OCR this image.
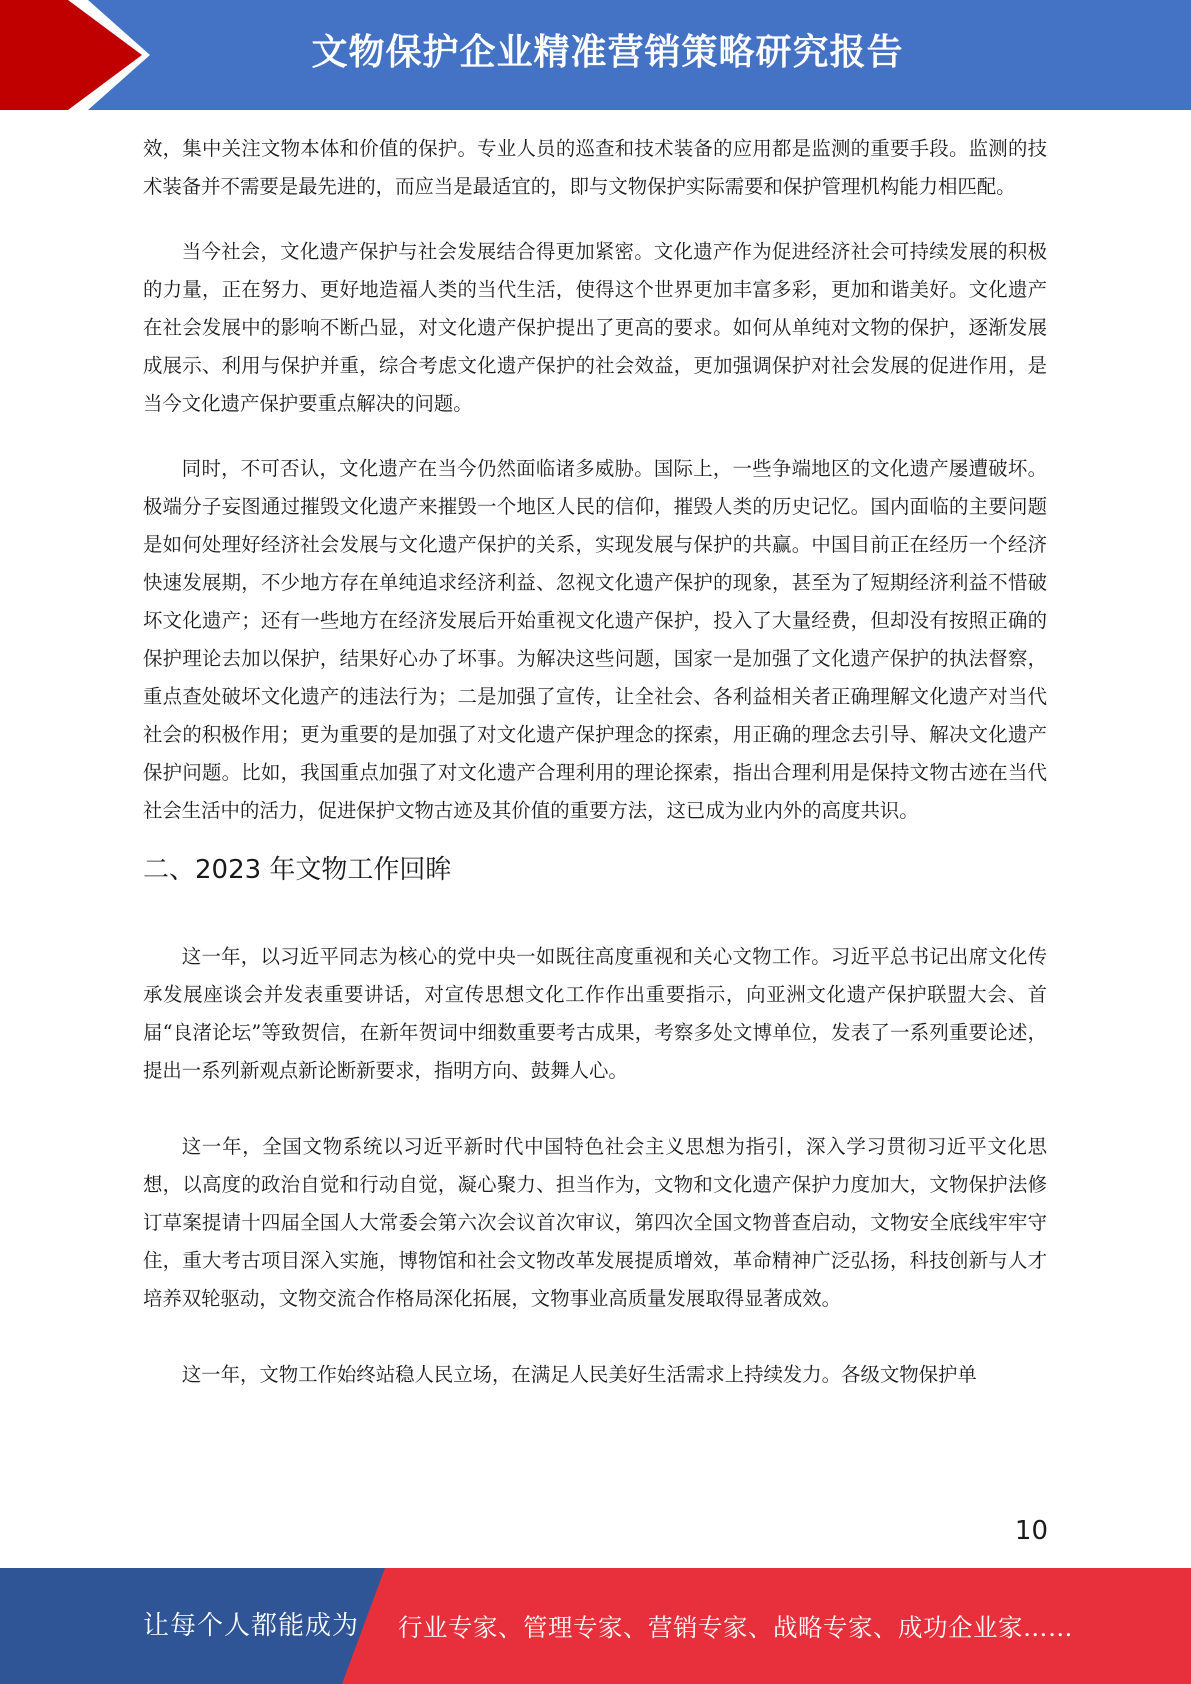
文物保护企业精准营销策略研究报告

效，集中关注文物本体和价值的保护。专业人员的巡查和技术装备的应用都是监测的重要手段。监测的技术装备并不需要是最先进的，而应当是最适宜的，即与文物保护实际需要和保护管理机构能力相匹配。

当今社会，文化遗产保护与社会发展结合得更加紧密。文化遗产作为促进经济社会可持续发展的积极的力量，正在努力、更好地造福人类的当代生活，使得这个世界更加丰富多彩，更加和谐美好。文化遗产在社会发展中的影响不断凸显，对文化遗产保护提出了更高的要求。如何从单纯对文物的保护，逐渐发展成展示、利用与保护并重，综合考虑文化遗产保护的社会效益，更加强调保护对社会发展的促进作用，是当今文化遗产保护要重点解决的问题。

同时，不可否认，文化遗产在当今仍然面临诸多威胁。国际上，一些争端地区的文化遗产屡遭破坏。极端分子妄图通过摧毁文化遗产来摧毁一个地区人民的信仰，摧毁人类的历史记忆。国内面临的主要问题是如何处理好经济社会发展与文化遗产保护的关系，实现发展与保护的共赢。中国目前正在经历一个经济快速发展期，不少地方存在单纯追求经济利益、忽视文化遗产保护的现象，甚至为了短期经济利益不惜破坏文化遗产；还有一些地方在经济发展后开始重视文化遗产保护，投入了大量经费，但却没有按照正确的保护理论去加以保护，结果好心办了坏事。为解决这些问题，国家一是加强了文化遗产保护的执法督察，重点查处破坏文化遗产的违法行为；二是加强了宣传，让全社会、各利益相关者正确理解文化遗产对当代社会的积极作用；更为重要的是加强了对文化遗产保护理念的探索，用正确的理念去引导、解决文化遗产保护问题。比如，我国重点加强了对文化遗产合理利用的理论探索，指出合理利用是保持文物古迹在当代社会生活中的活力，促进保护文物古迹及其价值的重要方法，这已成为业内外的高度共识。

二、2023 年文物工作回眸

这一年，以习近平同志为核心的党中央一如既往高度重视和关心文物工作。习近平总书记出席文化传承发展座谈会并发表重要讲话，对宣传思想文化工作作出重要指示，向亚洲文化遗产保护联盟大会、首届“良渚论坛”等致贺信，在新年贺词中细数重要考古成果，考察多处文博单位，发表了一系列重要论述，提出一系列新观点新论断新要求，指明方向、鼓舞人心。

这一年，全国文物系统以习近平新时代中国特色社会主义思想为指引，深入学习贯彻习近平文化思想，以高度的政治自觉和行动自觉，凝心聚力、担当作为，文物和文化遗产保护力度加大，文物保护法修订草案提请十四届全国人大常委会第六次会议首次审议，第四次全国文物普查启动，文物安全底线牢牢守住，重大考古项目深入实施，博物馆和社会文物改革发展提质增效，革命精神广泛弘扬，科技创新与人才培养双轮驱动，文物交流合作格局深化拓展，文物事业高质量发展取得显著成效。

这一年，文物工作始终站稳人民立场，在满足人民美好生活需求上持续发力。各级文物保护单

10
让每个人都能成为 行业专家、管理专家、营销专家、战略专家、成功企业家……
